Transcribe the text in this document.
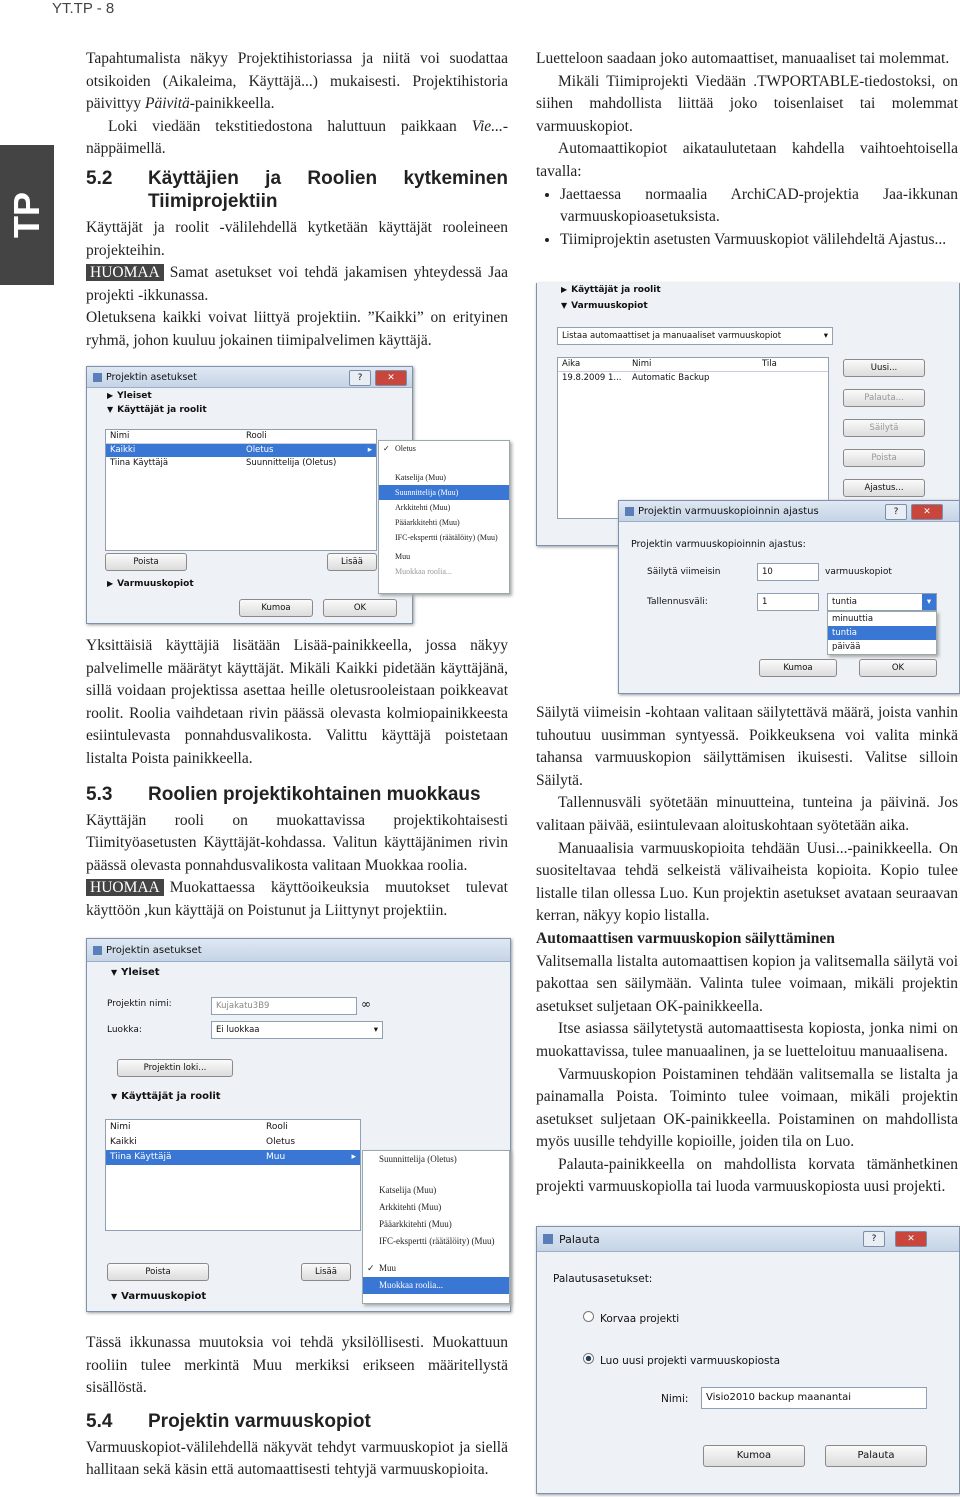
YT.TP - 8
TP

Tapahtumalista näkyy Projektihistoriassa ja niitä voi suodattaa otsikoiden (Aikaleima, Käyttäjä...) mukaisesti. Projektihistoria päivittyy Päivitä-painikkeella.

Loki viedään tekstitiedostona haluttuun paikkaan Vie...-näppäimellä.

5.2	Käyttäjien ja Roolien kytkeminen Tiimiprojektiin

Käyttäjät ja roolit -välilehdellä kytketään käyttäjät rooleineen projekteihin.

HUOMAA Samat asetukset voi tehdä jakamisen yhteydessä Jaa projekti -ikkunassa.

Oletuksena kaikki voivat liittyä projektiin. ”Kaikki” on erityinen ryhmä, johon kuuluu jokainen tiimipalvelimen käyttäjä.

Projektin asetukset	?	✕
▶ Yleiset
▼ Käyttäjät ja roolit
Nimi	Rooli
Kaikki	Oletus	▸
Tiina Käyttäjä	Suunnittelija (Oletus)
Poista	Lisää
▶ Varmuuskopiot
Kumoa	OK
✓ Oletus
Katselija (Muu)
Suunnittelija (Muu)
Arkkitehti (Muu)
Pääarkkitehti (Muu)
IFC-ekspertti (räätälöity) (Muu)
Muu
Muokkaa roolia...

Yksittäisiä käyttäjiä lisätään Lisää-painikkeella, jossa näkyy palvelimelle määrätyt käyttäjät. Mikäli Kaikki pidetään käyttäjänä, sillä voidaan projektissa asettaa heille oletusrooleistaan poikkeavat roolit. Roolia vaihdetaan rivin päässä olevasta kolmiopainikkeesta esiintulevasta ponnahdusvalikosta. Valittu käyttäjä poistetaan listalta Poista painikkeella.

5.3 Roolien projektikohtainen muokkaus

Käyttäjän rooli on muokattavissa projektikohtaisesti Tiimityöasetusten Käyttäjät-kohdassa. Valitun käyttäjänimen rivin päässä olevasta ponnahdusvalikosta valitaan Muokkaa roolia.

HUOMAA Muokattaessa käyttöoikeuksia muutokset tulevat käyttöön ,kun käyttäjä on Poistunut ja Liittynyt projektiin.

Projektin asetukset
▼ Yleiset
Projektin nimi:	Kujakatu3B9	∞
Luokka:	Ei luokkaa	▾
Projektin loki...
▼ Käyttäjät ja roolit
Nimi	Rooli
Kaikki	Oletus
Tiina Käyttäjä	Muu	▸
Poista	Lisää
▼ Varmuuskopiot
Suunnittelija (Oletus)
Katselija (Muu)
Arkkitehti (Muu)
Pääarkkitehti (Muu)
IFC-ekspertti (räätälöity) (Muu)
✓ Muu
Muokkaa roolia...

Tässä ikkunassa muutoksia voi tehdä yksilöllisesti. Muokattuun rooliin tulee merkintä Muu merkiksi erikseen määritellystä sisällöstä.

5.4 Projektin varmuuskopiot

Varmuuskopiot-välilehdellä näkyvät tehdyt varmuuskopiot ja siellä hallitaan sekä käsin että automaattisesti tehtyjä varmuuskopioita.

Luetteloon saadaan joko automaattiset, manuaaliset tai molemmat.

Mikäli Tiimiprojekti Viedään .TWPORTABLE-tiedostoksi, on siihen mahdollista liittää joko toisenlaiset tai molemmat varmuuskopiot.

Automaattikopiot aikataulutetaan kahdella vaihtoehtoisella tavalla:

• Jaettaessa normaalia ArchiCAD-projektia Jaa-ikkunan varmuuskopioasetuksista.
• Tiimiprojektin asetusten Varmuuskopiot välilehdeltä Ajastus...
▶ Käyttäjät ja roolit
▼ Varmuuskopiot
Listaa automaattiset ja manuaaliset varmuuskopiot	▾
Aika	Nimi	Tila
19.8.2009 1... Automatic Backup
Uusi...
Palauta...
Säilytä
Poista
Ajastus...
Projektin varmuuskopioinnin ajastus	?	✕
Projektin varmuuskopioinnin ajastus:
Säilytä viimeisin	10	varmuuskopiot
Tallennusväli:	1	tuntia	▾
minuuttia
tuntia
päivää
Kumoa	OK

Säilytä viimeisin -kohtaan valitaan säilytettävä määrä, joista vanhin tuhoutuu uusimman syntyessä. Poikkeuksena voi valita minkä tahansa varmuuskopion säilyttämisen ikuisesti. Valitse silloin Säilytä.

Tallennusväli syötetään minuutteina, tunteina ja päivinä. Jos valitaan päivää, esiintulevaan aloituskohtaan syötetään aika.

Manuaalisia varmuuskopioita tehdään Uusi...-painikkeella. On suositeltavaa tehdä selkeistä välivaiheista kopioita. Kopio tulee listalle tilan ollessa Luo. Kun projektin asetukset avataan seuraavan kerran, näkyy kopio listalla.

Automaattisen varmuuskopion säilyttäminen

Valitsemalla listalta automaattisen kopion ja valitsemalla säilytä voi pakottaa sen säilymään. Valinta tulee voimaan, mikäli projektin asetukset suljetaan OK-painikkeella.

Itse asiassa säilytetystä automaattisesta kopiosta, jonka nimi on muokattavissa, tulee manuaalinen, ja se luetteloituu manuaalisena.

Varmuuskopion Poistaminen tehdään valitsemalla se listalta ja painamalla Poista. Toiminto tulee voimaan, mikäli projektin asetukset suljetaan OK-painikkeella. Poistaminen on mahdollista myös uusille tehdyille kopioille, joiden tila on Luo.

Palauta-painikkeella on mahdollista korvata tämänhetkinen projekti varmuuskopiolla tai luoda varmuuskopiosta uusi projekti.

Palauta	?	✕
Palautusasetukset:
Korvaa projekti
Luo uusi projekti varmuuskopiosta
Nimi:	Visio2010 backup maanantai
Kumoa	Palauta
